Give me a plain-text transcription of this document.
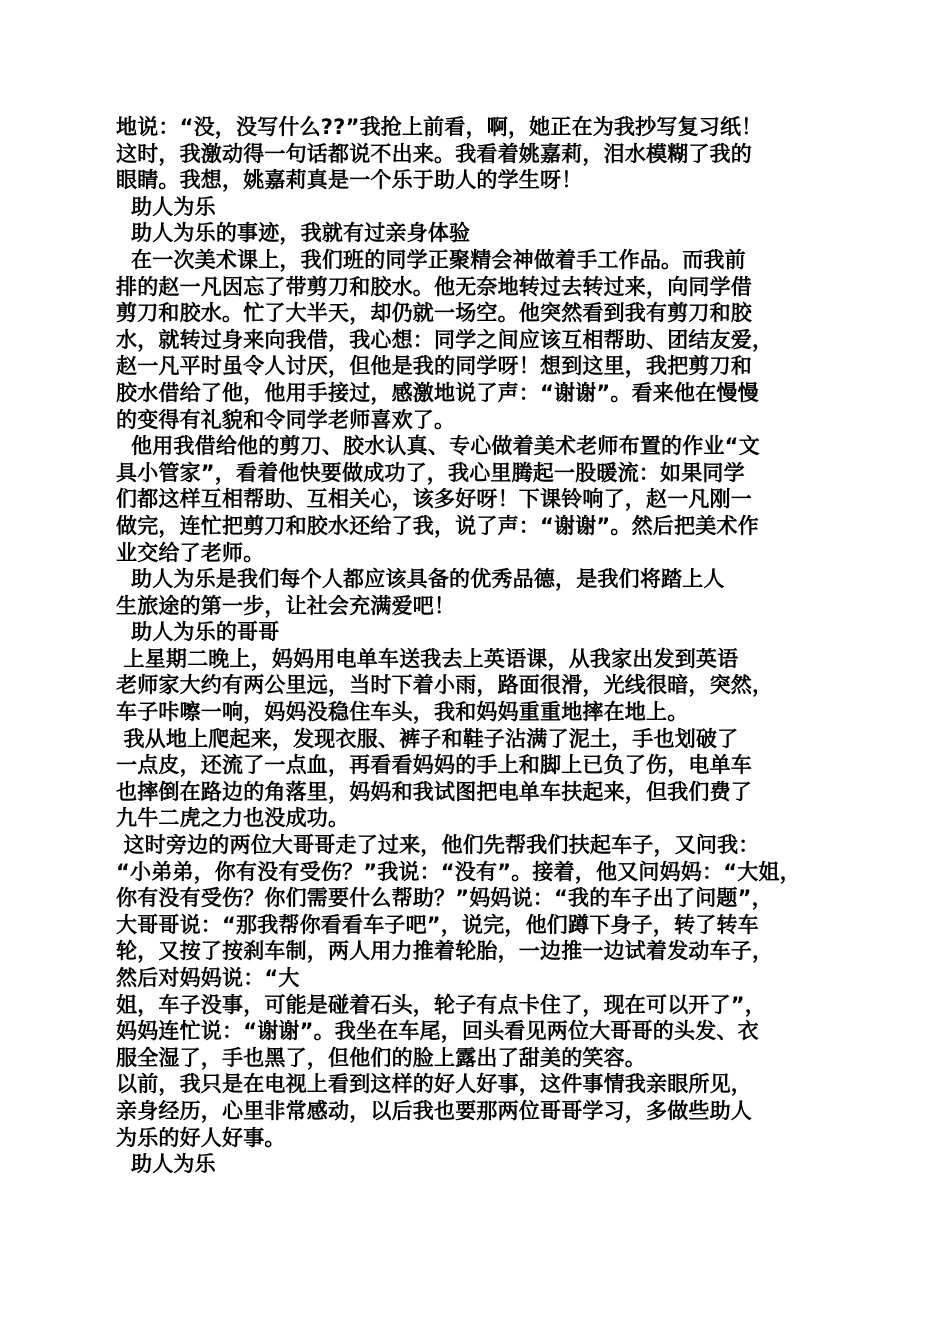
地说：“没，没写什么??”我抢上前看，啊，她正在为我抄写复习纸！
这时，我激动得一句话都说不出来。我看着姚嘉莉，泪水模糊了我的
眼睛。我想，姚嘉莉真是一个乐于助人的学生呀！
助人为乐
助人为乐的事迹，我就有过亲身体验
在一次美术课上，我们班的同学正聚精会神做着手工作品。而我前
排的赵一凡因忘了带剪刀和胶水。他无奈地转过去转过来，向同学借
剪刀和胶水。忙了大半天，却仍就一场空。他突然看到我有剪刀和胶
水，就转过身来向我借，我心想：同学之间应该互相帮助、团结友爱，
赵一凡平时虽令人讨厌，但他是我的同学呀！想到这里，我把剪刀和
胶水借给了他，他用手接过，感激地说了声：“谢谢”。看来他在慢慢
的变得有礼貌和令同学老师喜欢了。
他用我借给他的剪刀、胶水认真、专心做着美术老师布置的作业“文
具小管家”，看着他快要做成功了，我心里腾起一股暖流：如果同学
们都这样互相帮助、互相关心，该多好呀！下课铃响了，赵一凡刚一
做完，连忙把剪刀和胶水还给了我，说了声：“谢谢”。然后把美术作
业交给了老师。
助人为乐是我们每个人都应该具备的优秀品德，是我们将踏上人
生旅途的第一步，让社会充满爱吧！
助人为乐的哥哥
上星期二晚上，妈妈用电单车送我去上英语课，从我家出发到英语
老师家大约有两公里远，当时下着小雨，路面很滑，光线很暗，突然，
车子咔嚓一响，妈妈没稳住车头，我和妈妈重重地摔在地上。
我从地上爬起来，发现衣服、裤子和鞋子沾满了泥土，手也划破了
一点皮，还流了一点血，再看看妈妈的手上和脚上已负了伤，电单车
也摔倒在路边的角落里，妈妈和我试图把电单车扶起来，但我们费了
九牛二虎之力也没成功。
这时旁边的两位大哥哥走了过来，他们先帮我们扶起车子，又问我：
“小弟弟，你有没有受伤？”我说：“没有”。接着，他又问妈妈：“大姐，
你有没有受伤？你们需要什么帮助？”妈妈说：“我的车子出了问题”，
大哥哥说：“那我帮你看看车子吧”，说完，他们蹲下身子，转了转车
轮，又按了按刹车制，两人用力推着轮胎，一边推一边试着发动车子，
然后对妈妈说：“大
姐，车子没事，可能是碰着石头，轮子有点卡住了，现在可以开了”，
妈妈连忙说：“谢谢”。我坐在车尾，回头看见两位大哥哥的头发、衣
服全湿了，手也黑了，但他们的脸上露出了甜美的笑容。
以前，我只是在电视上看到这样的好人好事，这件事情我亲眼所见，
亲身经历，心里非常感动，以后我也要那两位哥哥学习，多做些助人
为乐的好人好事。
助人为乐
